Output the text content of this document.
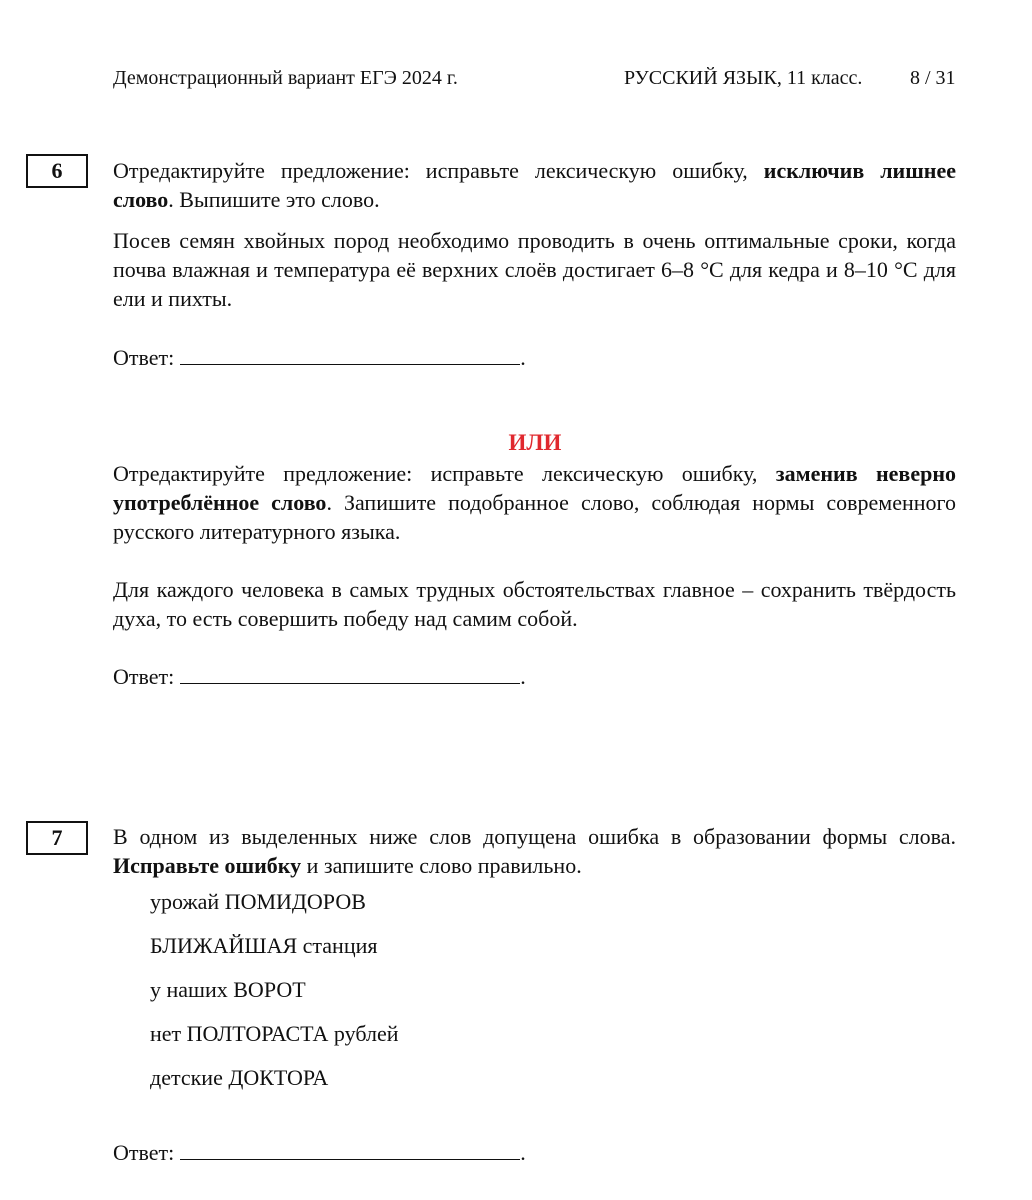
Демонстрационный вариант ЕГЭ 2024 г.	РУССКИЙ ЯЗЫК, 11 класс. 8 / 31
6	Отредактируйте предложение: исправьте лексическую ошибку, исключив лишнее слово. Выпишите это слово.
Посев семян хвойных пород необходимо проводить в очень оптимальные сроки, когда почва влажная и температура её верхних слоёв достигает 6–8 °С для кедра и 8–10 °С для ели и пихты.
Ответ:	.
ИЛИ
Отредактируйте предложение: исправьте лексическую ошибку, заменив неверно употреблённое слово. Запишите подобранное слово, соблюдая нормы современного русского литературного языка.
Для каждого человека в самых трудных обстоятельствах главное – сохранить твёрдость духа, то есть совершить победу над самим собой.
Ответ:	.
7	В одном из выделенных ниже слов допущена ошибка в образовании формы слова. Исправьте ошибку и запишите слово правильно.
урожай ПОМИДОРОВ
БЛИЖАЙШАЯ станция
у наших ВОРОТ
нет ПОЛТОРАСТА рублей
детские ДОКТОРА
Ответ:	.
